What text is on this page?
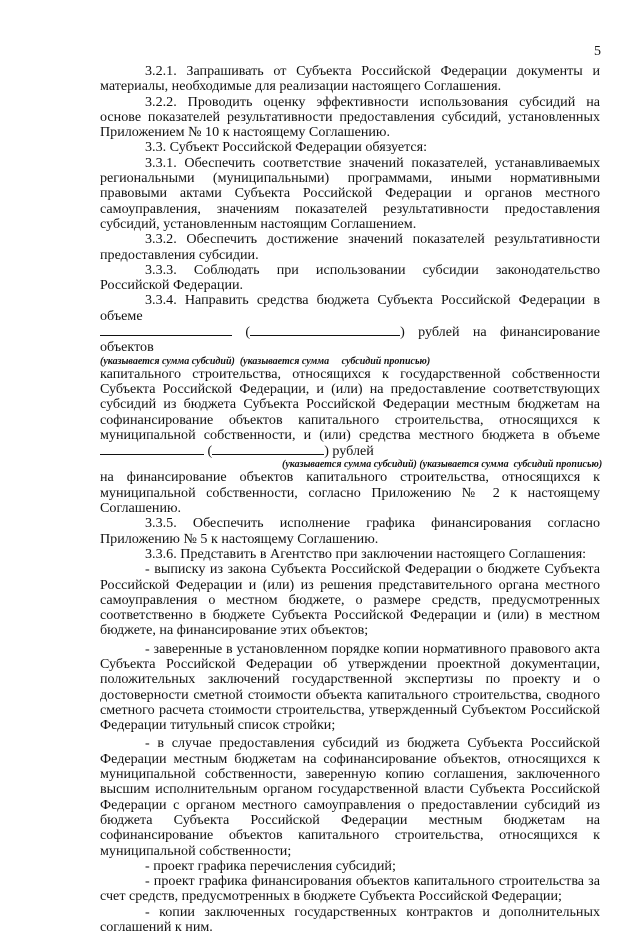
5

3.2.1. Запрашивать от Субъекта Российской Федерации документы и материалы, необходимые для реализации настоящего Соглашения.

3.2.2. Проводить оценку эффективности использования субсидий на основе показателей результативности предоставления субсидий, установленных Приложением № 10 к настоящему Соглашению.

3.3. Субъект Российской Федерации обязуется:

3.3.1. Обеспечить соответствие значений показателей, устанавливаемых региональными (муниципальными) программами, иными нормативными правовыми актами Субъекта Российской Федерации и органов местного самоуправления, значениям показателей результативности предоставления субсидий, установленным настоящим Соглашением.

3.3.2. Обеспечить достижение значений показателей результативности предоставления субсидии.

3.3.3. Соблюдать при использовании субсидии законодательство Российской Федерации.

3.3.4. Направить средства бюджета Субъекта Российской Федерации в объеме

(	) рублей на финансирование объектов

(указывается сумма субсидий)  (указывается сумма     субсидий прописью)

капитального строительства, относящихся к государственной собственности Субъекта Российской Федерации, и (или) на предоставление соответствующих субсидий из бюджета Субъекта Российской Федерации местным бюджетам на софинансирование объектов капитального строительства, относящихся к муниципальной собственности, и (или) средства местного бюджета в объеме  (	) рублей

(указывается сумма субсидий) (указывается сумма  субсидий прописью)

на финансирование объектов капитального строительства, относящихся к муниципальной собственности, согласно Приложению № 2 к настоящему Соглашению.

3.3.5. Обеспечить исполнение графика финансирования согласно Приложению № 5 к настоящему Соглашению.

3.3.6. Представить в Агентство при заключении настоящего Соглашения:

- выписку из закона Субъекта Российской Федерации о бюджете Субъекта Российской Федерации и (или) из решения представительного органа местного самоуправления о местном бюджете, о размере средств, предусмотренных соответственно в бюджете Субъекта Российской Федерации и (или) в местном бюджете, на финансирование этих объектов;

- заверенные в установленном порядке копии нормативного правового акта Субъекта Российской Федерации об утверждении проектной документации, положительных заключений государственной экспертизы по проекту и о достоверности сметной стоимости объекта капитального строительства, сводного сметного расчета стоимости строительства, утвержденный Субъектом Российской Федерации титульный список стройки;

- в случае предоставления субсидий из бюджета Субъекта Российской Федерации местным бюджетам на софинансирование объектов, относящихся к муниципальной собственности, заверенную копию соглашения, заключенного высшим исполнительным органом государственной власти Субъекта Российской Федерации с органом местного самоуправления о предоставлении субсидий из бюджета Субъекта Российской Федерации местным бюджетам на софинансирование объектов капитального строительства, относящихся к муниципальной собственности;

- проект графика перечисления субсидий;

- проект графика финансирования объектов капитального строительства за счет средств, предусмотренных в бюджете Субъекта Российской Федерации;

- копии заключенных государственных контрактов и дополнительных соглашений к ним.
